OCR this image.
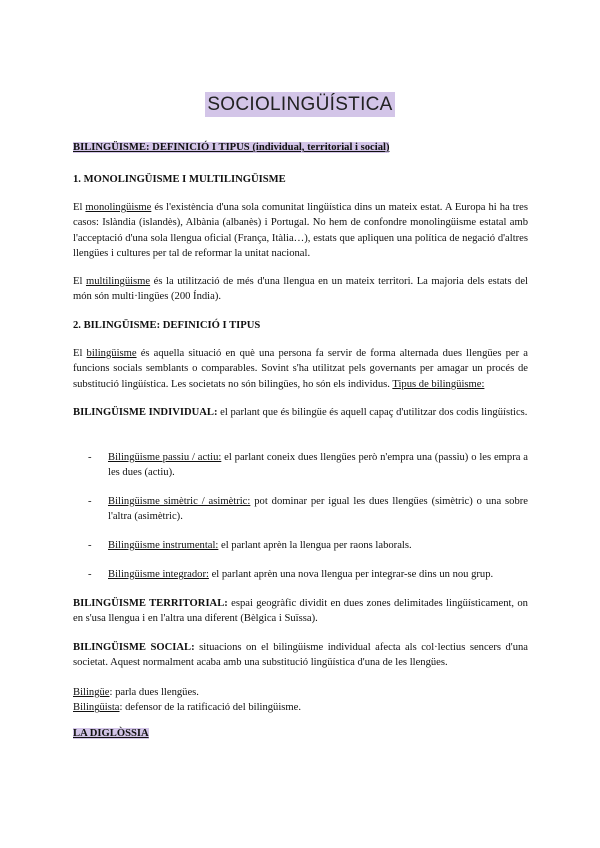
SOCIOLINGÜÍSTICA

BILINGÜISME: DEFINICIÓ I TIPUS (individual, territorial i social)

1. MONOLINGÜISME I MULTILINGÜISME

El monolingüisme és l'existència d'una sola comunitat lingüística dins un mateix estat. A Europa hi ha tres casos: Islàndia (islandès), Albània (albanès) i Portugal. No hem de confondre monolingüisme estatal amb l'acceptació d'una sola llengua oficial (França, Itàlia…), estats que apliquen una política de negació d'altres llengües i cultures per tal de reformar la unitat nacional.

El multilingüisme és la utilització de més d'una llengua en un mateix territori. La majoria dels estats del món són multi·lingües (200 Índia).

2. BILINGÜISME: DEFINICIÓ I TIPUS

El bilingüisme és aquella situació en què una persona fa servir de forma alternada dues llengües per a funcions socials semblants o comparables. Sovint s'ha utilitzat pels governants per amagar un procés de substitució lingüística. Les societats no són bilingües, ho són els individus. Tipus de bilingüisme:

BILINGÜISME INDIVIDUAL: el parlant que és bilingüe és aquell capaç d'utilitzar dos codis lingüístics.

- Bilingüisme passiu / actiu: el parlant coneix dues llengües però n'empra una (passiu) o les empra a les dues (actiu).
- Bilingüisme simètric / asimètric: pot dominar per igual les dues llengües (simètric) o una sobre l'altra (asimètric).
- Bilingüisme instrumental: el parlant aprèn la llengua per raons laborals.
- Bilingüisme integrador: el parlant aprèn una nova llengua per integrar-se dins un nou grup.

BILINGÜISME TERRITORIAL: espai geogràfic dividit en dues zones delimitades lingüísticament, on en s'usa llengua i en l'altra una diferent (Bèlgica i Suïssa).

BILINGÜISME SOCIAL: situacions on el bilingüisme individual afecta als col·lectius sencers d'una societat. Aquest normalment acaba amb una substitució lingüística d'una de les llengües.

Bilingüe: parla dues llengües.
Bilingüista: defensor de la ratificació del bilingüisme.

LA DIGLÒSSIA
